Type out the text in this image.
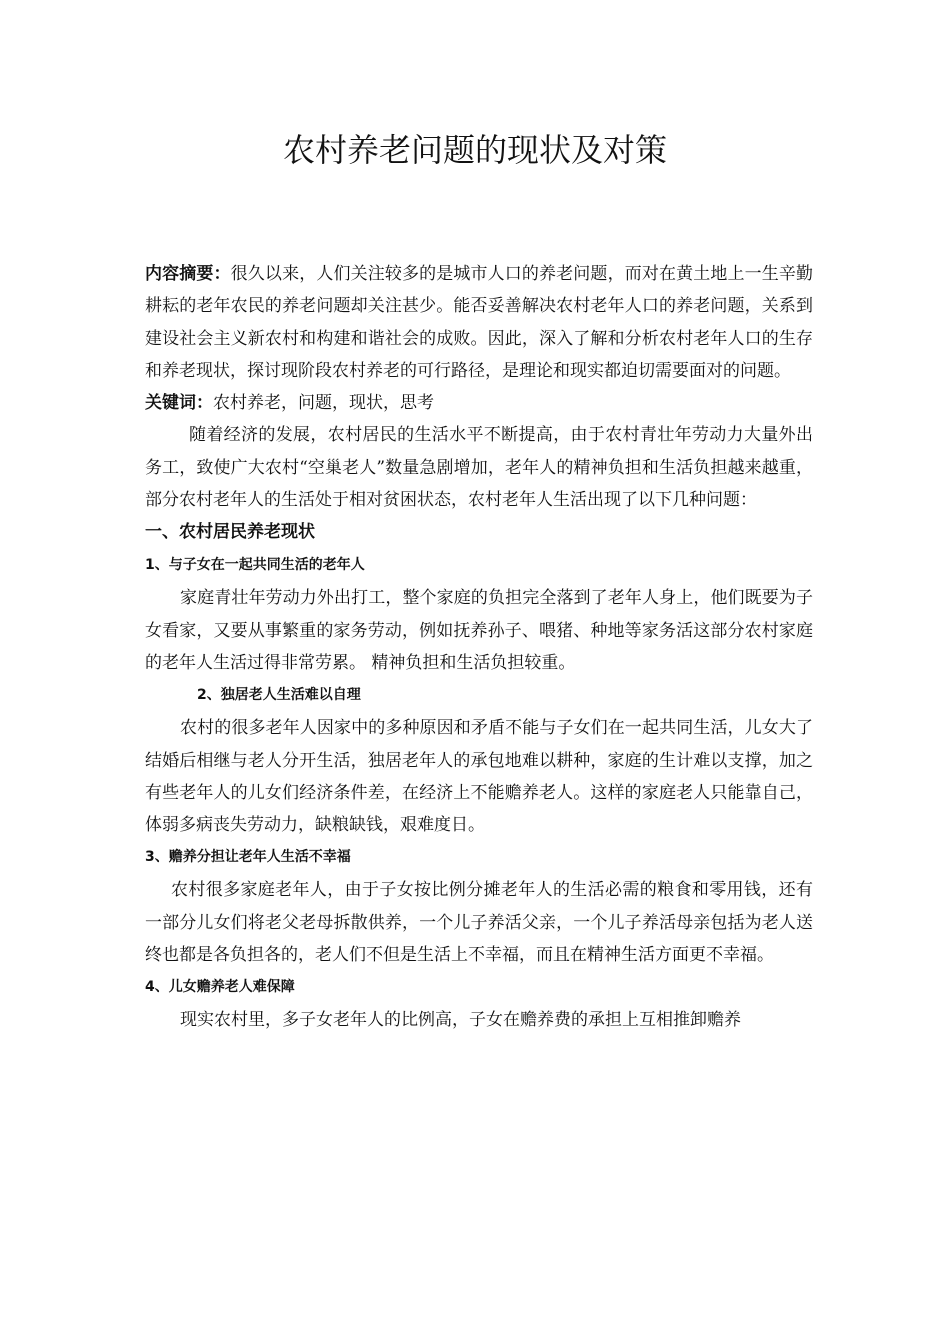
农村养老问题的现状及对策

内容摘要：很久以来，人们关注较多的是城市人口的养老问题，而对在黄土地上一生辛勤耕耘的老年农民的养老问题却关注甚少。能否妥善解决农村老年人口的养老问题，关系到建设社会主义新农村和构建和谐社会的成败。因此，深入了解和分析农村老年人口的生存和养老现状，探讨现阶段农村养老的可行路径，是理论和现实都迫切需要面对的问题。

关键词：农村养老，问题，现状，思考

随着经济的发展，农村居民的生活水平不断提高，由于农村青壮年劳动力大量外出务工，致使广大农村“空巢老人”数量急剧增加，老年人的精神负担和生活负担越来越重，部分农村老年人的生活处于相对贫困状态，农村老年人生活出现了以下几种问题：

一、农村居民养老现状
1、与子女在一起共同生活的老年人

家庭青壮年劳动力外出打工，整个家庭的负担完全落到了老年人身上，他们既要为子女看家，又要从事繁重的家务劳动，例如抚养孙子、喂猪、种地等家务活这部分农村家庭的老年人生活过得非常劳累。 精神负担和生活负担较重。

2、独居老人生活难以自理

农村的很多老年人因家中的多种原因和矛盾不能与子女们在一起共同生活，儿女大了结婚后相继与老人分开生活，独居老年人的承包地难以耕种，家庭的生计难以支撑，加之有些老年人的儿女们经济条件差，在经济上不能赡养老人。这样的家庭老人只能靠自己，体弱多病丧失劳动力，缺粮缺钱，艰难度日。

3、赡养分担让老年人生活不幸福

农村很多家庭老年人，由于子女按比例分摊老年人的生活必需的粮食和零用钱，还有一部分儿女们将老父老母拆散供养，一个儿子养活父亲，一个儿子养活母亲包括为老人送终也都是各负担各的，老人们不但是生活上不幸福，而且在精神生活方面更不幸福。

4、儿女赡养老人难保障

现实农村里，多子女老年人的比例高，子女在赡养费的承担上互相推卸赡养
